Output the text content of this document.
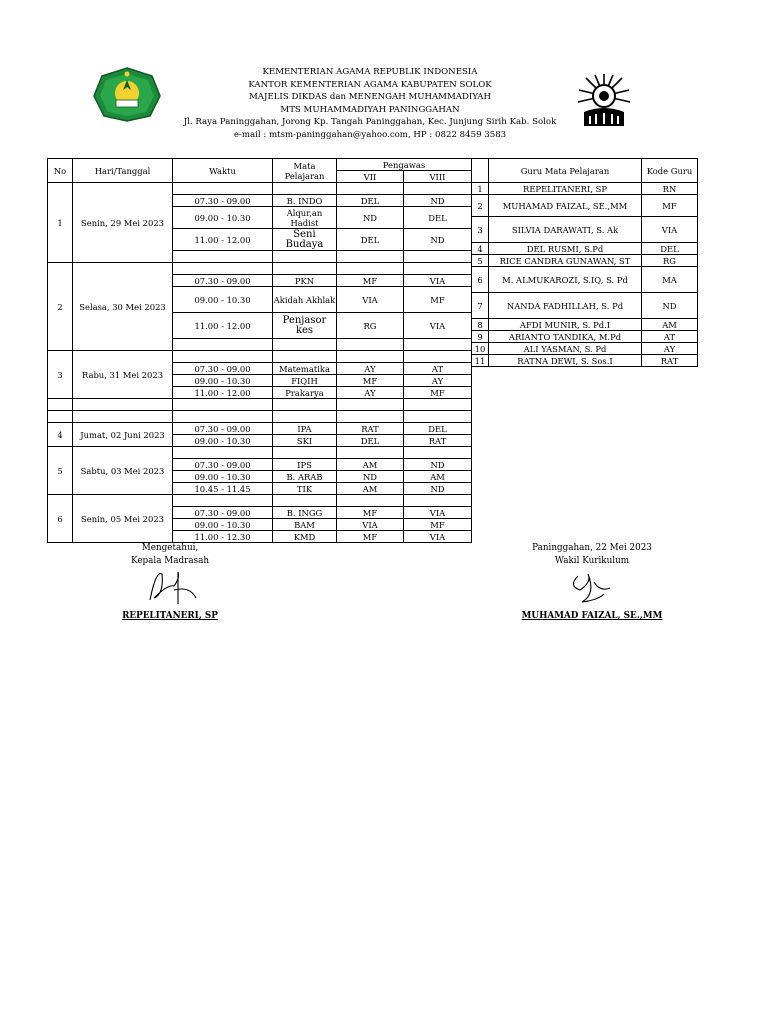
KEMENTERIAN AGAMA REPUBLIK INDONESIA
KANTOR KEMENTERIAN AGAMA KABUPATEN SOLOK
MAJELIS DIKDAS dan MENENGAH MUHAMMADIYAH
MTS MUHAMMADIYAH PANINGGAHAN
Jl. Raya Paninggahan, Jorong Kp. Tangah Paninggahan, Kec. Junjung Sirih Kab. Solok
e-mail : mtsm-paninggahan@yahoo.com, HP : 0822 8459 3583
No	Hari/Tanggal	Waktu	Mata Pelajaran	Pengawas	
				VII	VIII
1	Senin, 29 Mei 2023				
		07.30 - 09.00	B. INDO	DEL	ND
		09.00 - 10.30	Alqur,an Hadist	ND	DEL
		11.00 - 12.00	Seni Budaya	DEL	ND

2	Selasa, 30 Mei 2023				
		07.30 - 09.00	PKN	MF	VIA
		09.00 - 10.30	Akidah Akhlak	VIA	MF
		11.00 - 12.00	Penjasor kes	RG	VIA

3	Rabu, 31 Mei 2023				
		07.30 - 09.00	Matematika	AY	AT
		09.00 - 10.30	FIQIH	MF	AY
		11.00 - 12.00	Prakarya	AY	MF

4	Jumat, 02 Juni 2023	07.30 - 09.00	IPA	RAT	DEL
		09.00 - 10.30	SKI	DEL	RAT
5	Sabtu, 03 Mei 2023				
		07.30 - 09.00	IPS	AM	ND
		09.00 - 10.30	B. ARAB	ND	AM
		10.45 - 11.45	TIK	AM	ND
6	Senin, 05 Mei 2023				
		07.30 - 09.00	B. INGG	MF	VIA
		09.00 - 10.30	BAM	VIA	MF
		11.00 - 12.30	KMD	MF	VIA
	Guru Mata Pelajaran	Kode Guru
1	REPELITANERI, SP	RN
2	MUHAMAD FAIZAL, SE.,MM	MF
3	SILVIA DARAWATI, S. Ak	VIA
4	DEL RUSMI, S.Pd	DEL
5	RICE CANDRA GUNAWAN, ST	RG
6	M. ALMUKAROZI, S.IQ, S. Pd	MA
7	NANDA FADHILLAH, S. Pd	ND
8	AFDI MUNIR, S. Pd.I	AM
9	ARIANTO TANDIKA, M.Pd	AT
10	ALI YASMAN, S. Pd	AY
11	RATNA DEWI, S. Sos.I	RAT
Mengetahui,
Kepala Madrasah
REPELITANERI, SP
Paninggahan, 22 Mei 2023
Wakil Kurikulum
MUHAMAD FAIZAL, SE.,MM
